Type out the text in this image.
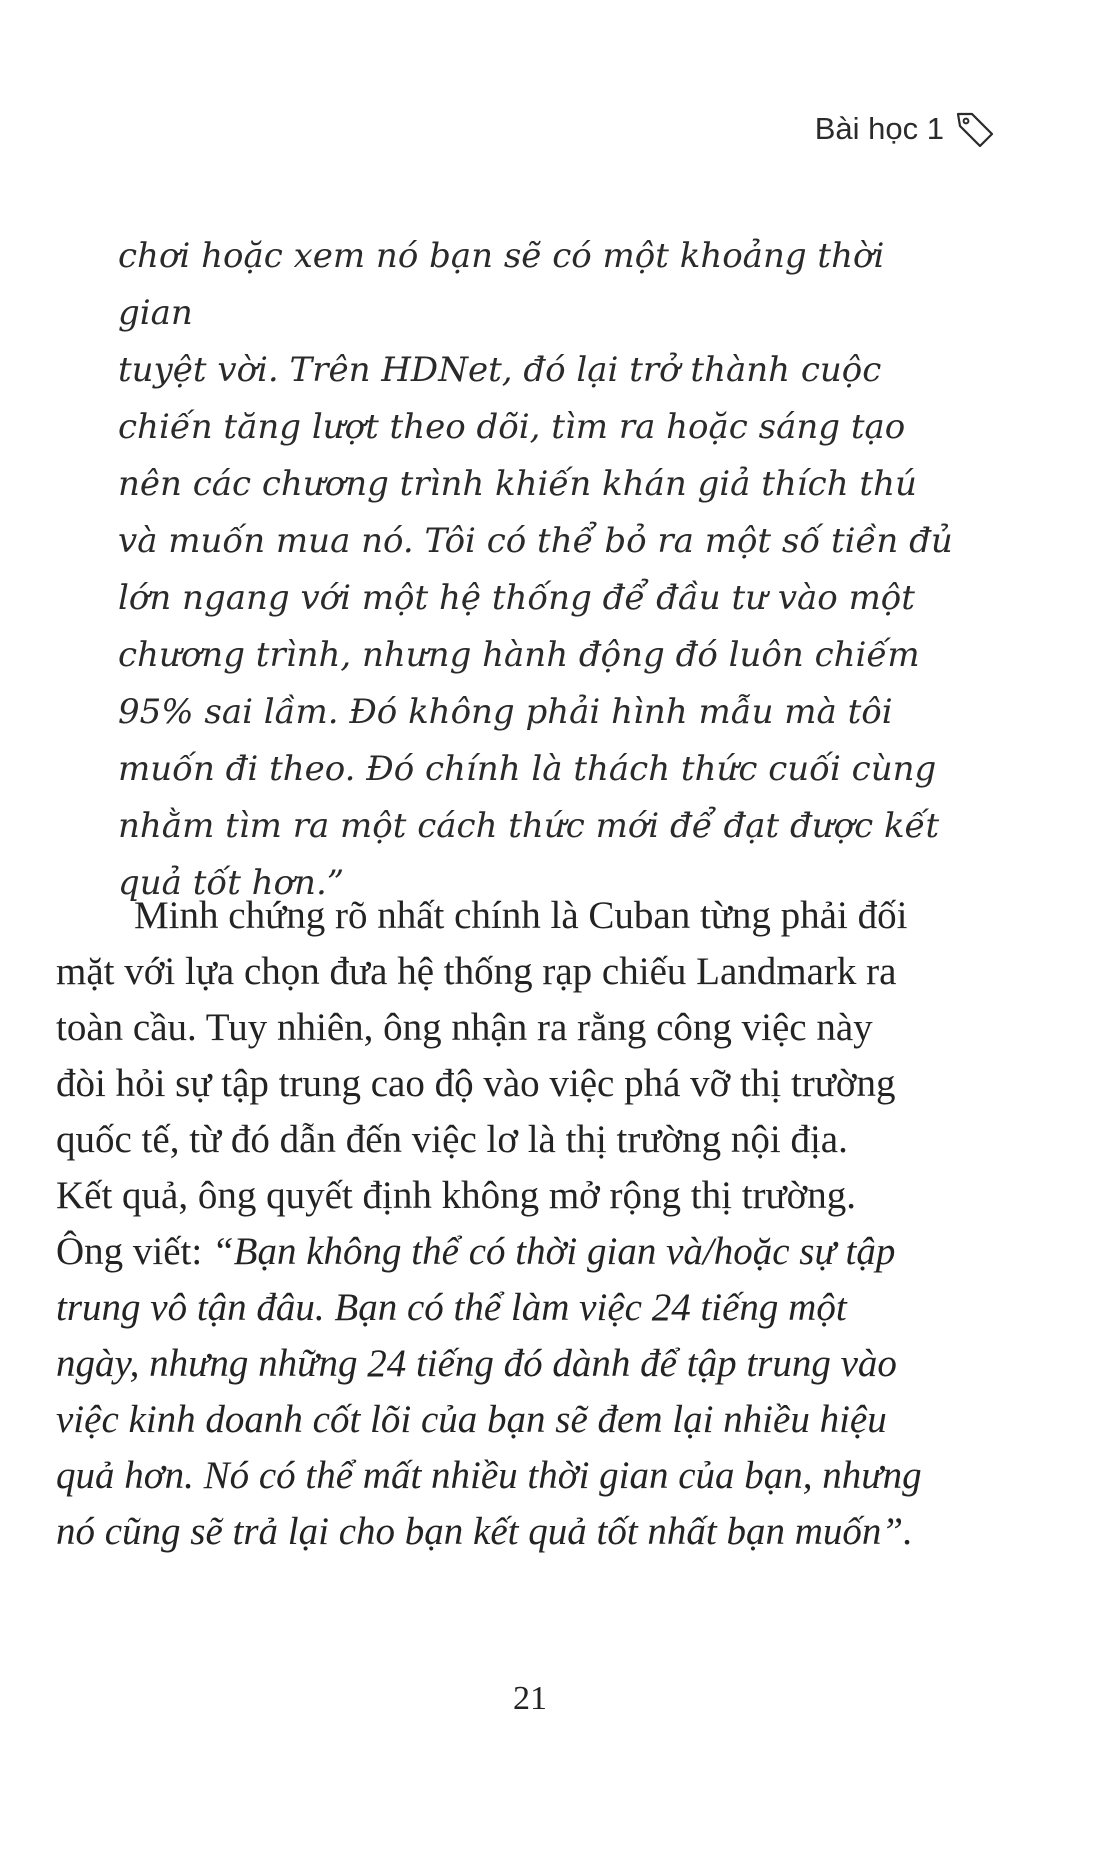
Bài học 1
chơi hoặc xem nó bạn sẽ có một khoảng thời gian
tuyệt vời. Trên HDNet, đó lại trở thành cuộc
chiến tăng lượt theo dõi, tìm ra hoặc sáng tạo
nên các chương trình khiến khán giả thích thú
và muốn mua nó. Tôi có thể bỏ ra một số tiền đủ
lớn ngang với một hệ thống để đầu tư vào một
chương trình, nhưng hành động đó luôn chiếm
95% sai lầm. Đó không phải hình mẫu mà tôi
muốn đi theo. Đó chính là thách thức cuối cùng
nhằm tìm ra một cách thức mới để đạt được kết
quả tốt hơn.”
Minh chứng rõ nhất chính là Cuban từng phải đối
mặt với lựa chọn đưa hệ thống rạp chiếu Landmark ra
toàn cầu. Tuy nhiên, ông nhận ra rằng công việc này
đòi hỏi sự tập trung cao độ vào việc phá vỡ thị trường
quốc tế, từ đó dẫn đến việc lơ là thị trường nội địa.
Kết quả, ông quyết định không mở rộng thị trường.
Ông viết: “Bạn không thể có thời gian và/hoặc sự tập
trung vô tận đâu. Bạn có thể làm việc 24 tiếng một
ngày, nhưng những 24 tiếng đó dành để tập trung vào
việc kinh doanh cốt lõi của bạn sẽ đem lại nhiều hiệu
quả hơn. Nó có thể mất nhiều thời gian của bạn, nhưng
nó cũng sẽ trả lại cho bạn kết quả tốt nhất bạn muốn”.
21
